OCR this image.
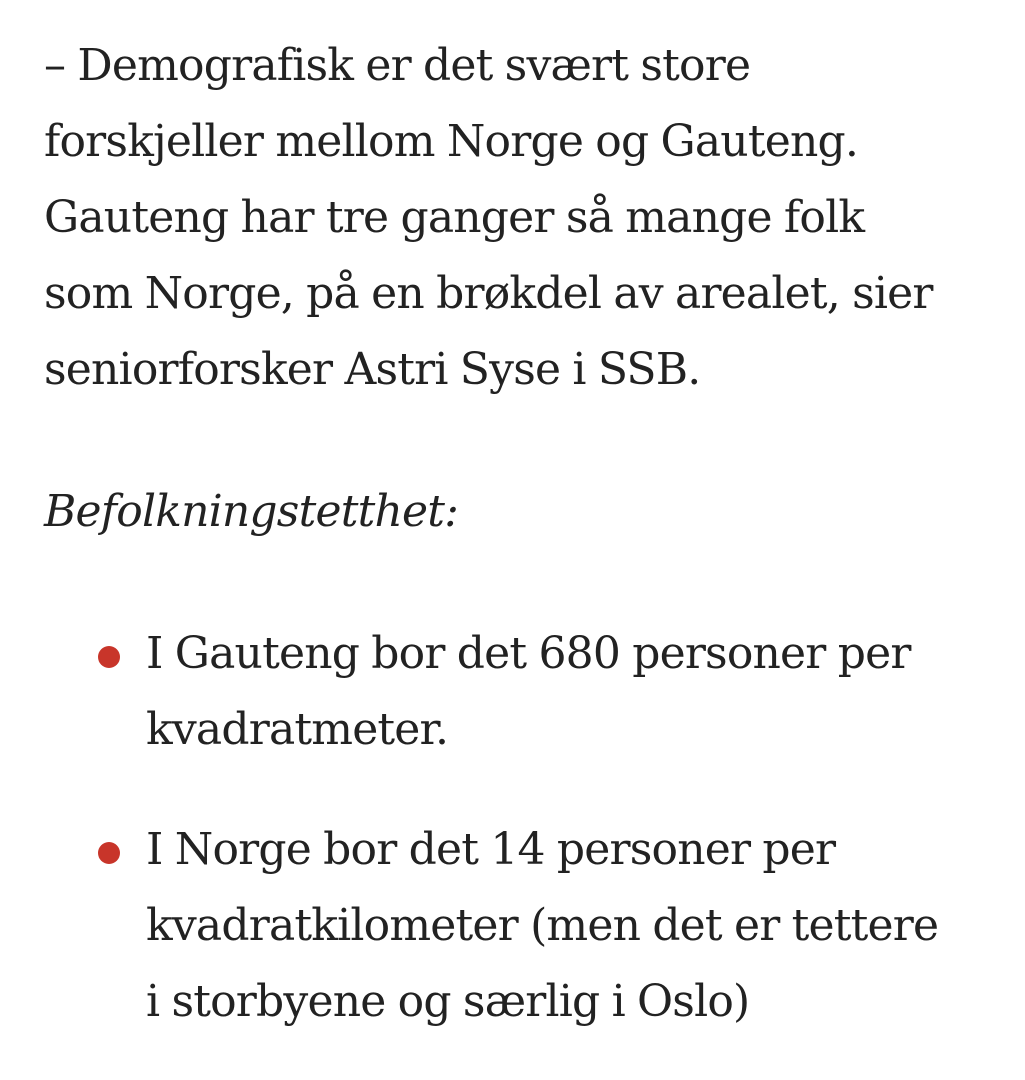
– Demografisk er det svært store
forskjeller mellom Norge og Gauteng.
Gauteng har tre ganger så mange folk
som Norge, på en brøkdel av arealet, sier
seniorforsker Astri Syse i SSB.

Befolkningstetthet:

I Gauteng bor det 680 personer per
kvadratmeter.

I Norge bor det 14 personer per
kvadratkilometer (men det er tettere
i storbyene og særlig i Oslo)
